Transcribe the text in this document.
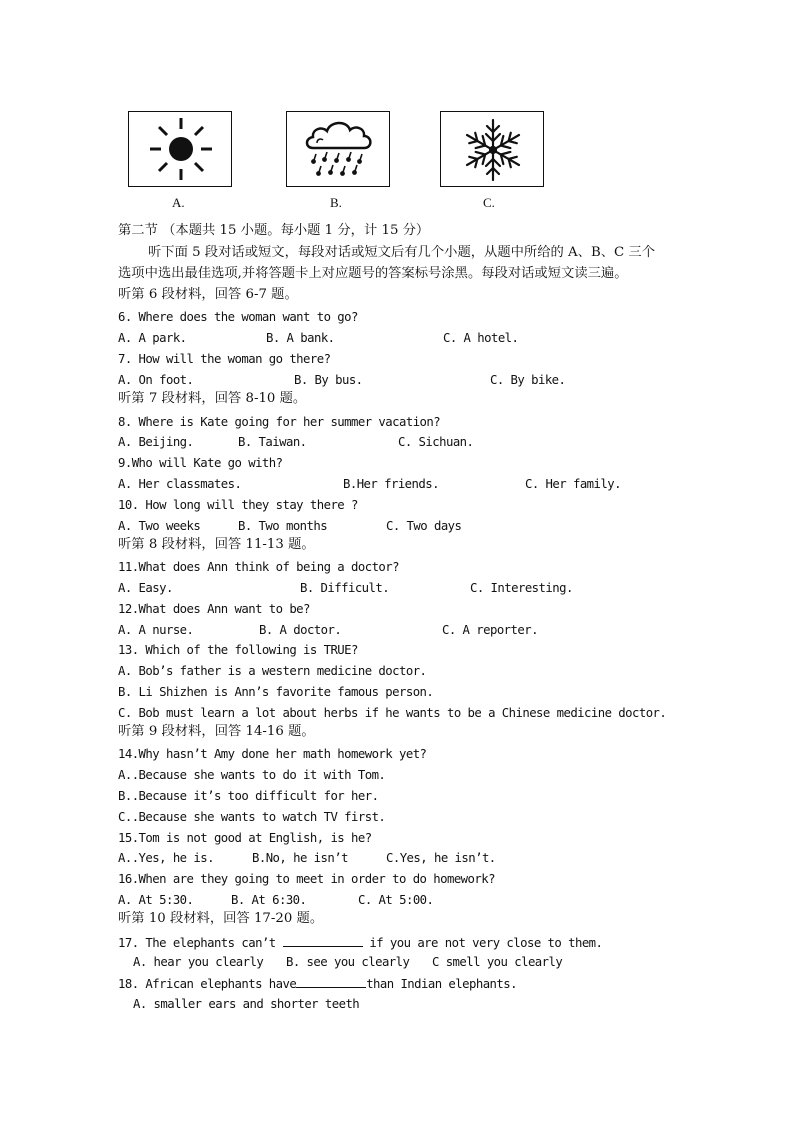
A.	B.	C.
第二节 （本题共 15 小题。每小题 1 分，计 15 分）
听下面 5 段对话或短文，每段对话或短文后有几个小题，从题中所给的 A、B、C 三个
选项中选出最佳选项,并将答题卡上对应题号的答案标号涂黑。每段对话或短文读三遍。
听第 6 段材料，回答 6-7 题。
6. Where does the woman want to go?
A. A park.	B. A bank.	C. A hotel.
7. How will the woman go there?
A. On foot.	B. By bus.	C. By bike.
听第 7 段材料，回答 8-10 题。
8. Where is Kate going for her summer vacation?
A. Beijing.	B. Taiwan.	C. Sichuan.
9.Who will Kate go with?
A. Her classmates.	B.Her friends.	C. Her family.
10. How long will they stay there ?
A. Two weeks	B. Two months	C. Two days
听第 8 段材料，回答 11-13 题。
11.What does Ann think of being a doctor?
A. Easy.	B. Difficult.	C. Interesting.
12.What does Ann want to be?
A. A nurse.	B. A doctor.	C. A reporter.
13. Which of the following is TRUE?
A. Bob’s father is a western medicine doctor.
B. Li Shizhen is Ann’s favorite famous person.
C. Bob must learn a lot about herbs if he wants to be a Chinese medicine doctor.
听第 9 段材料，回答 14-16 题。
14.Why hasn’t Amy done her math homework yet?
A..Because she wants to do it with Tom.
B..Because it’s too difficult for her.
C..Because she wants to watch TV first.
15.Tom is not good at English, is he?
A..Yes, he is.	B.No, he isn’t	C.Yes, he isn’t.
16.When are they going to meet in order to do homework?
A. At 5:30.	B. At 6:30.	C. At 5:00.
听第 10 段材料，回答 17-20 题。
17. The elephants can’t	if you are not very close to them.
A. hear you clearly B. see you clearly C smell you clearly
18. African elephants have	than Indian elephants.
A. smaller ears and shorter teeth
